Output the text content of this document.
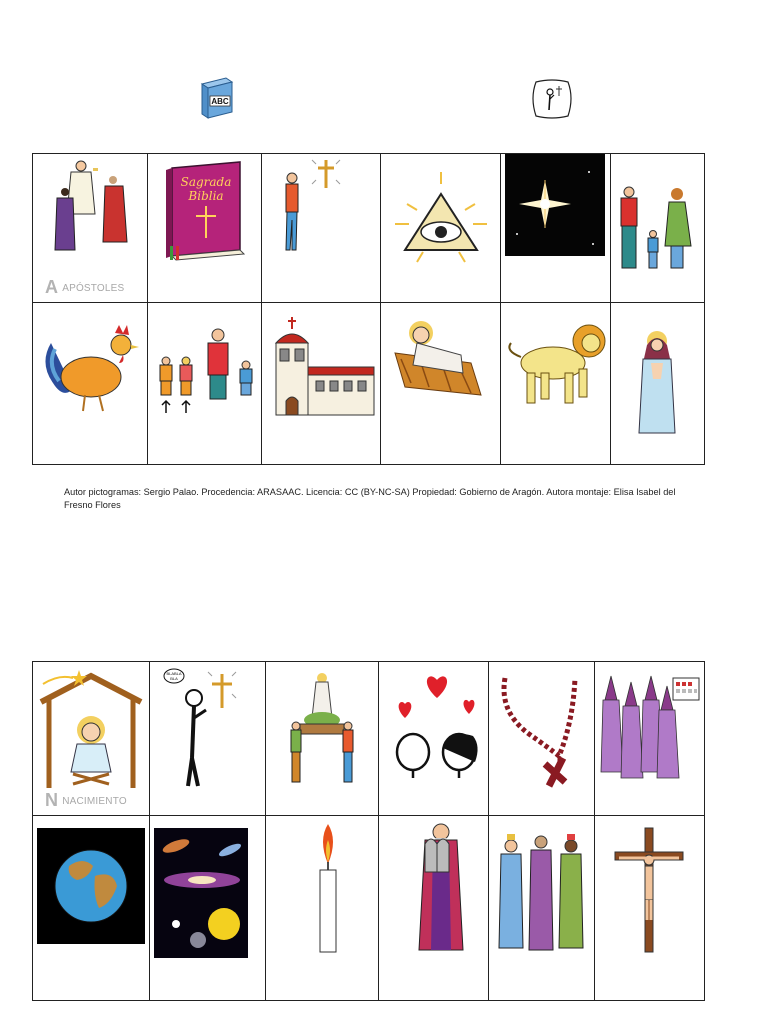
ABC
AAPÓSTOLES	Sagrada
Biblia

Autor pictogramas: Sergio Palao. Procedencia: ARASAAC. Licencia: CC (BY-NC-SA) Propiedad: Gobierno de Aragón. Autora montaje: Elisa Isabel del Fresno Flores
NNACIMIENTO	BLABLA
BLA
